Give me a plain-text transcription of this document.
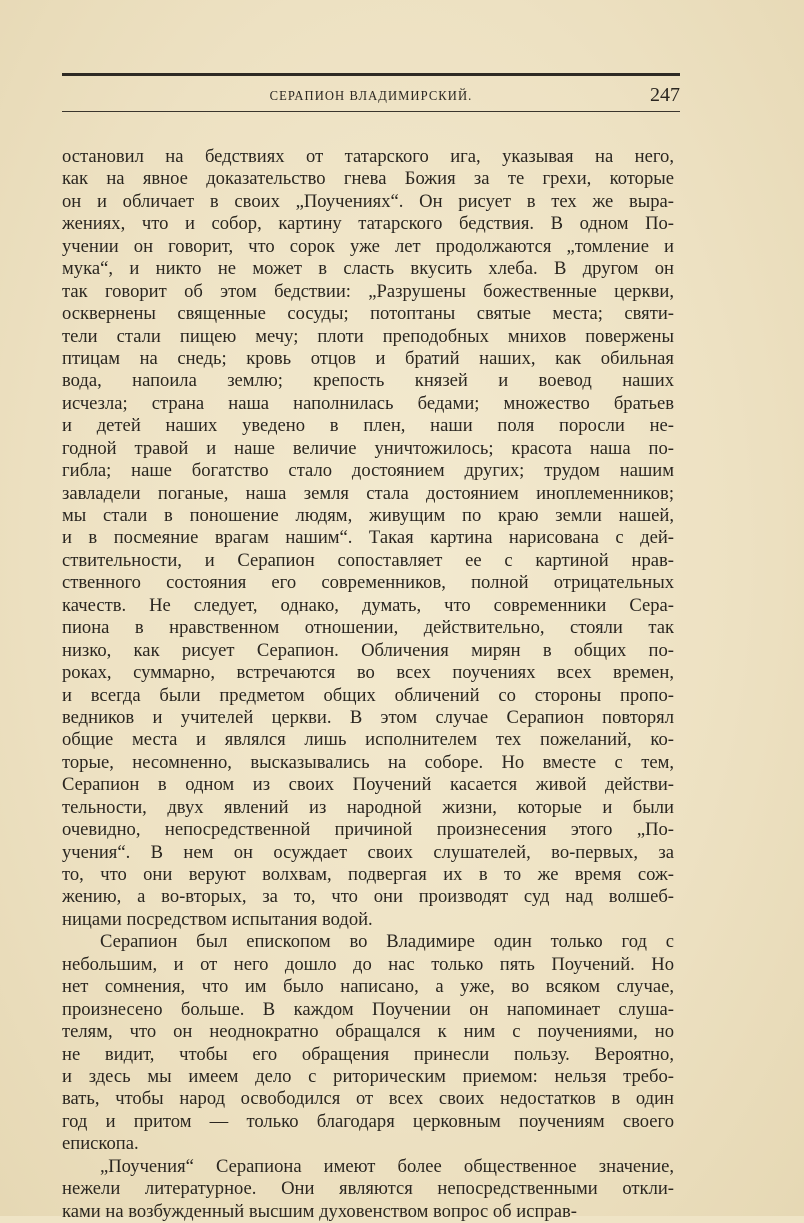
СЕРАПИОН ВЛАДИМИРСКИЙ.	247
остановил на бедствиях от татарского ига, указывая на него,
как на явное доказательство гнева Божия за те грехи, которые
он и обличает в своих „Поучениях“. Он рисует в тех же выра-
жениях, что и собор, картину татарского бедствия. В одном По-
учении он говорит, что сорок уже лет продолжаются „томление и
мука“, и никто не может в сласть вкусить хлеба. В другом он
так говорит об этом бедствии: „Разрушены божественные церкви,
осквернены священные сосуды; потоптаны святые места; святи-
тели стали пищею мечу; плоти преподобных мнихов повержены
птицам на снедь; кровь отцов и братий наших, как обильная
вода, напоила землю; крепость князей и воевод наших
исчезла; страна наша наполнилась бедами; множество братьев
и детей наших уведено в плен, наши поля поросли не-
годной травой и наше величие уничтожилось; красота наша по-
гибла; наше богатство стало достоянием других; трудом нашим
завладели поганые, наша земля стала достоянием иноплеменников;
мы стали в поношение людям, живущим по краю земли нашей,
и в посмеяние врагам нашим“. Такая картина нарисована с дей-
ствительности, и Серапион сопоставляет ее с картиной нрав-
ственного состояния его современников, полной отрицательных
качеств. Не следует, однако, думать, что современники Сера-
пиона в нравственном отношении, действительно, стояли так
низко, как рисует Серапион. Обличения мирян в общих по-
роках, суммарно, встречаются во всех поучениях всех времен,
и всегда были предметом общих обличений со стороны пропо-
ведников и учителей церкви. В этом случае Серапион повторял
общие места и являлся лишь исполнителем тех пожеланий, ко-
торые, несомненно, высказывались на соборе. Но вместе с тем,
Серапион в одном из своих Поучений касается живой действи-
тельности, двух явлений из народной жизни, которые и были
очевидно, непосредственной причиной произнесения этого „По-
учения“. В нем он осуждает своих слушателей, во-первых, за
то, что они веруют волхвам, подвергая их в то же время сож-
жению, а во-вторых, за то, что они производят суд над волшеб-
ницами посредством испытания водой.
Серапион был епископом во Владимире один только год с
небольшим, и от него дошло до нас только пять Поучений. Но
нет сомнения, что им было написано, а уже, во всяком случае,
произнесено больше. В каждом Поучении он напоминает слуша-
телям, что он неоднократно обращался к ним с поучениями, но
не видит, чтобы его обращения принесли пользу. Вероятно,
и здесь мы имеем дело с риторическим приемом: нельзя требо-
вать, чтобы народ освободился от всех своих недостатков в один
год и притом — только благодаря церковным поучениям своего
епископа.
„Поучения“ Серапиона имеют более общественное значение,
нежели литературное. Они являются непосредственными откли-
ками на возбужденный высшим духовенством вопрос об исправ-
